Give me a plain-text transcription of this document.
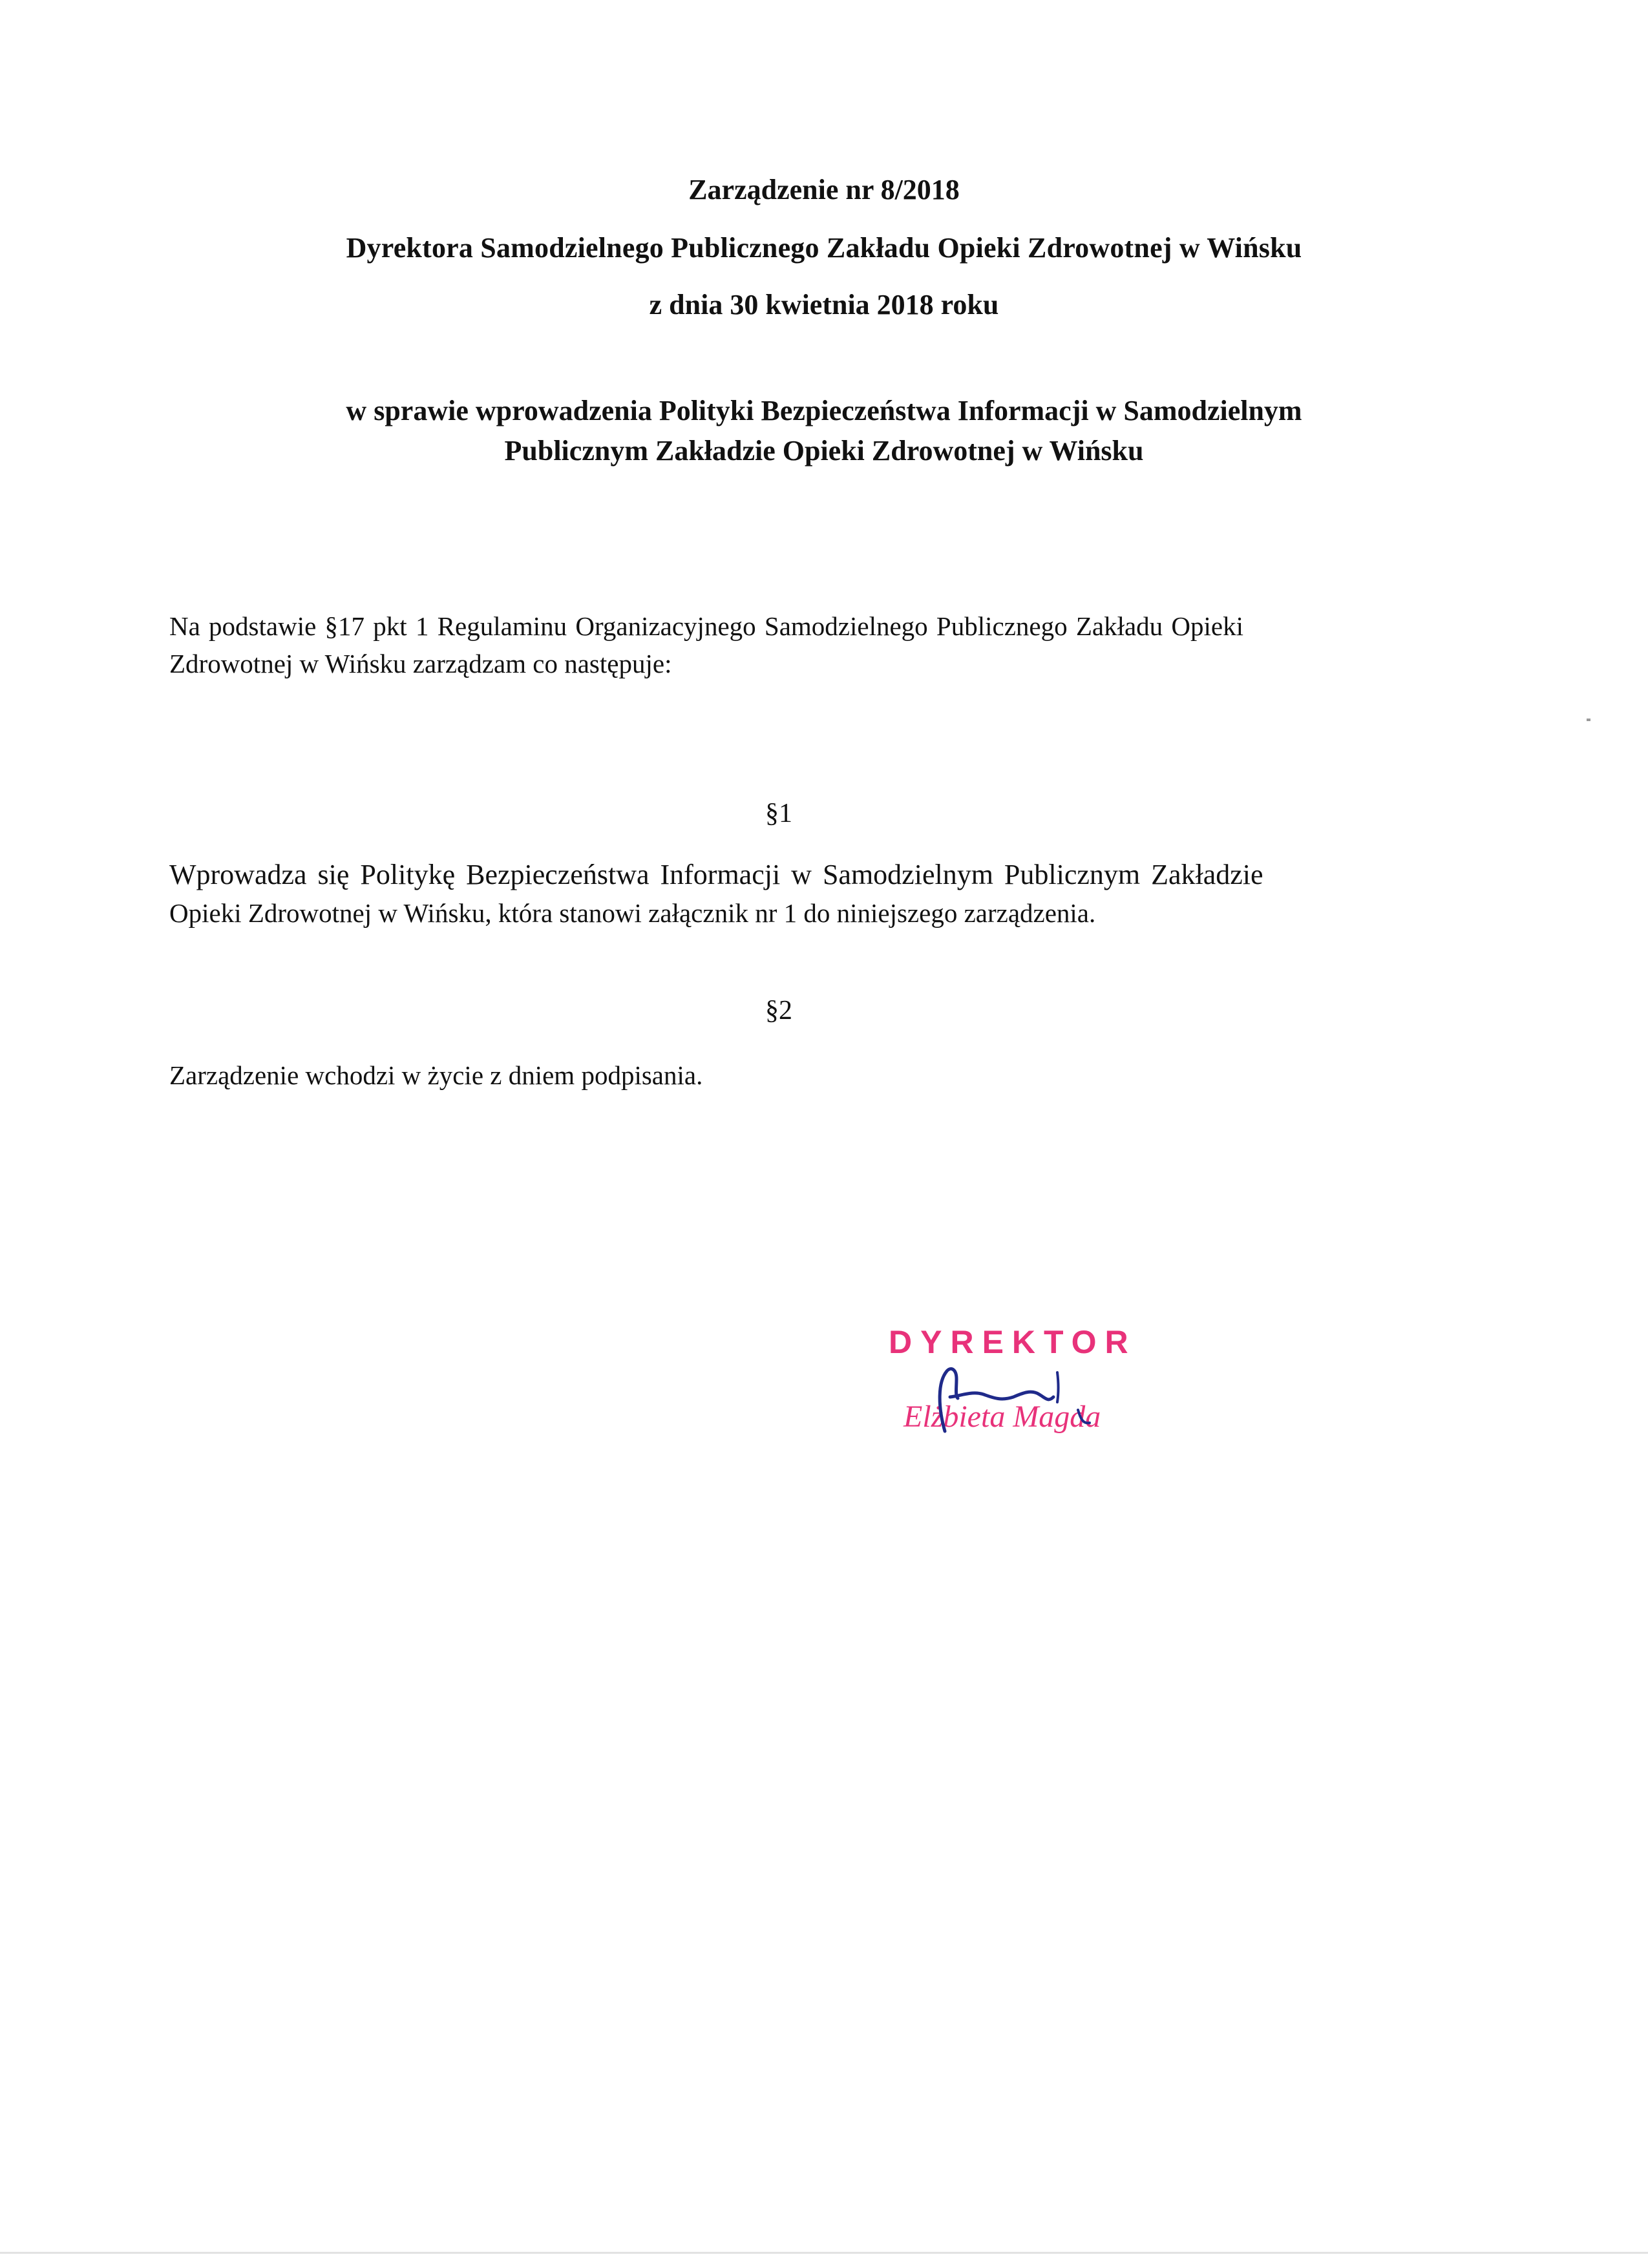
Zarządzenie nr 8/2018
Dyrektora Samodzielnego Publicznego Zakładu Opieki Zdrowotnej w Wińsku
z dnia 30 kwietnia 2018 roku
w sprawie wprowadzenia Polityki Bezpieczeństwa Informacji w Samodzielnym
Publicznym Zakładzie Opieki Zdrowotnej w Wińsku
Na podstawie §17 pkt 1 Regulaminu Organizacyjnego Samodzielnego Publicznego Zakładu Opieki
Zdrowotnej w Wińsku zarządzam co następuje:
§1
Wprowadza się Politykę Bezpieczeństwa Informacji w Samodzielnym Publicznym Zakładzie
Opieki Zdrowotnej w Wińsku, która stanowi załącznik nr 1 do niniejszego zarządzenia.
§2
Zarządzenie wchodzi w życie z dniem podpisania.
DYREKTOR
Elżbieta Magda
